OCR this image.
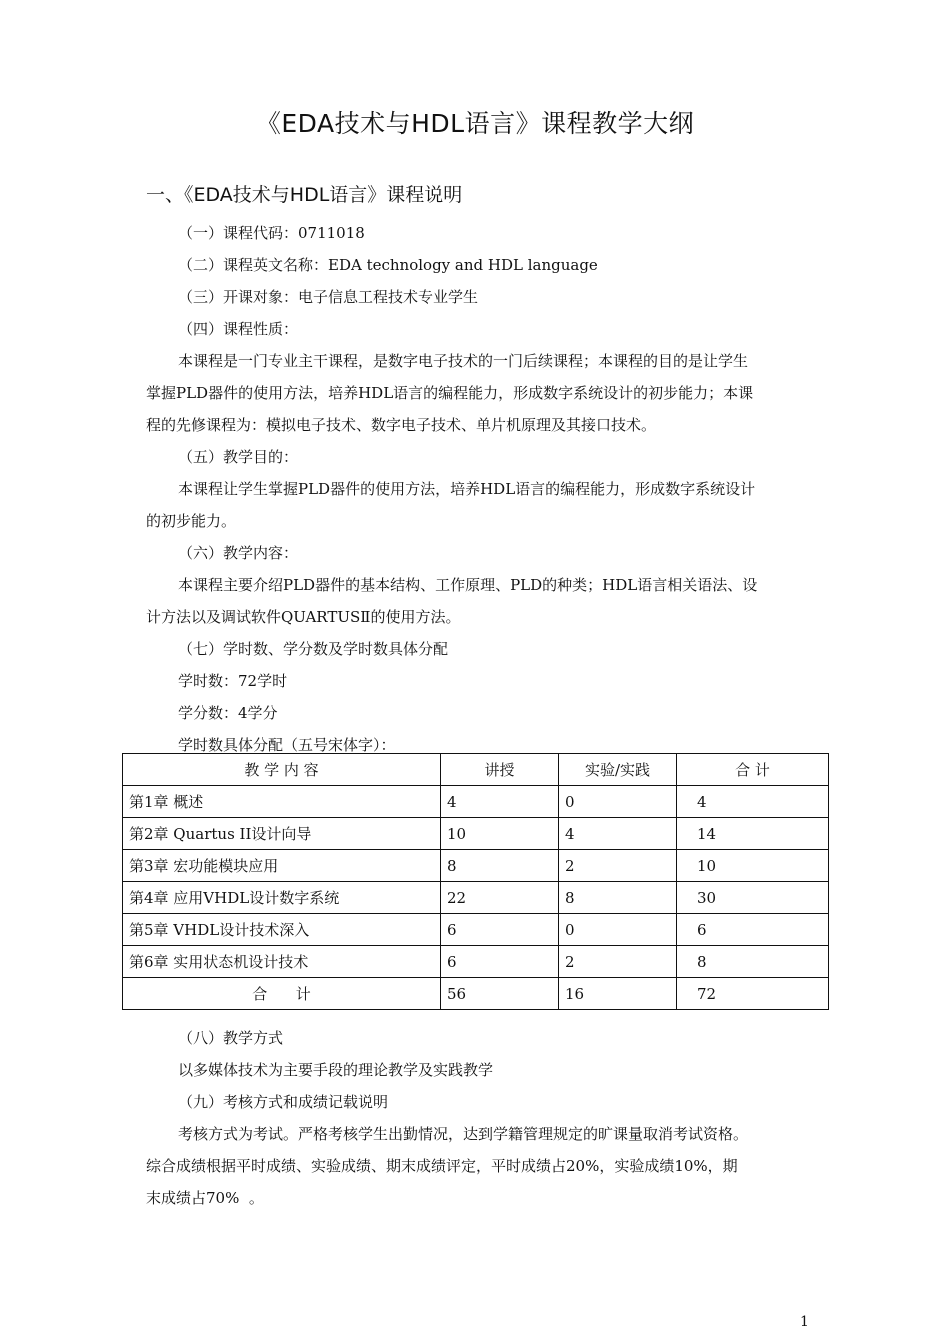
《EDA技术与HDL语言》课程教学大纲
一、《EDA技术与HDL语言》课程说明
（一）课程代码：0711018
（二）课程英文名称：EDA technology and HDL language
（三）开课对象：电子信息工程技术专业学生
（四）课程性质：
本课程是一门专业主干课程，是数字电子技术的一门后续课程；本课程的目的是让学生
掌握PLD器件的使用方法，培养HDL语言的编程能力，形成数字系统设计的初步能力；本课
程的先修课程为：模拟电子技术、数字电子技术、单片机原理及其接口技术。
（五）教学目的：
本课程让学生掌握PLD器件的使用方法，培养HDL语言的编程能力，形成数字系统设计
的初步能力。
（六）教学内容：
本课程主要介绍PLD器件的基本结构、工作原理、PLD的种类；HDL语言相关语法、设
计方法以及调试软件QUARTUSⅡ的使用方法。
（七）学时数、学分数及学时数具体分配
学时数：72学时
学分数：4学分
学时数具体分配（五号宋体字）：
教 学 内 容	讲授	实验/实践	合 计
第1章 概述	4	0	4
第2章 Quartus II设计向导	10	4	14
第3章 宏功能模块应用	8	2	10
第4章 应用VHDL设计数字系统	22	8	30
第5章 VHDL设计技术深入	6	0	6
第6章 实用状态机设计技术	6	2	8
合      计	56	16	72
（八）教学方式
以多媒体技术为主要手段的理论教学及实践教学
（九）考核方式和成绩记载说明
考核方式为考试。严格考核学生出勤情况，达到学籍管理规定的旷课量取消考试资格。
综合成绩根据平时成绩、实验成绩、期末成绩评定，平时成绩占20%，实验成绩10%，期
末成绩占70%  。
1
